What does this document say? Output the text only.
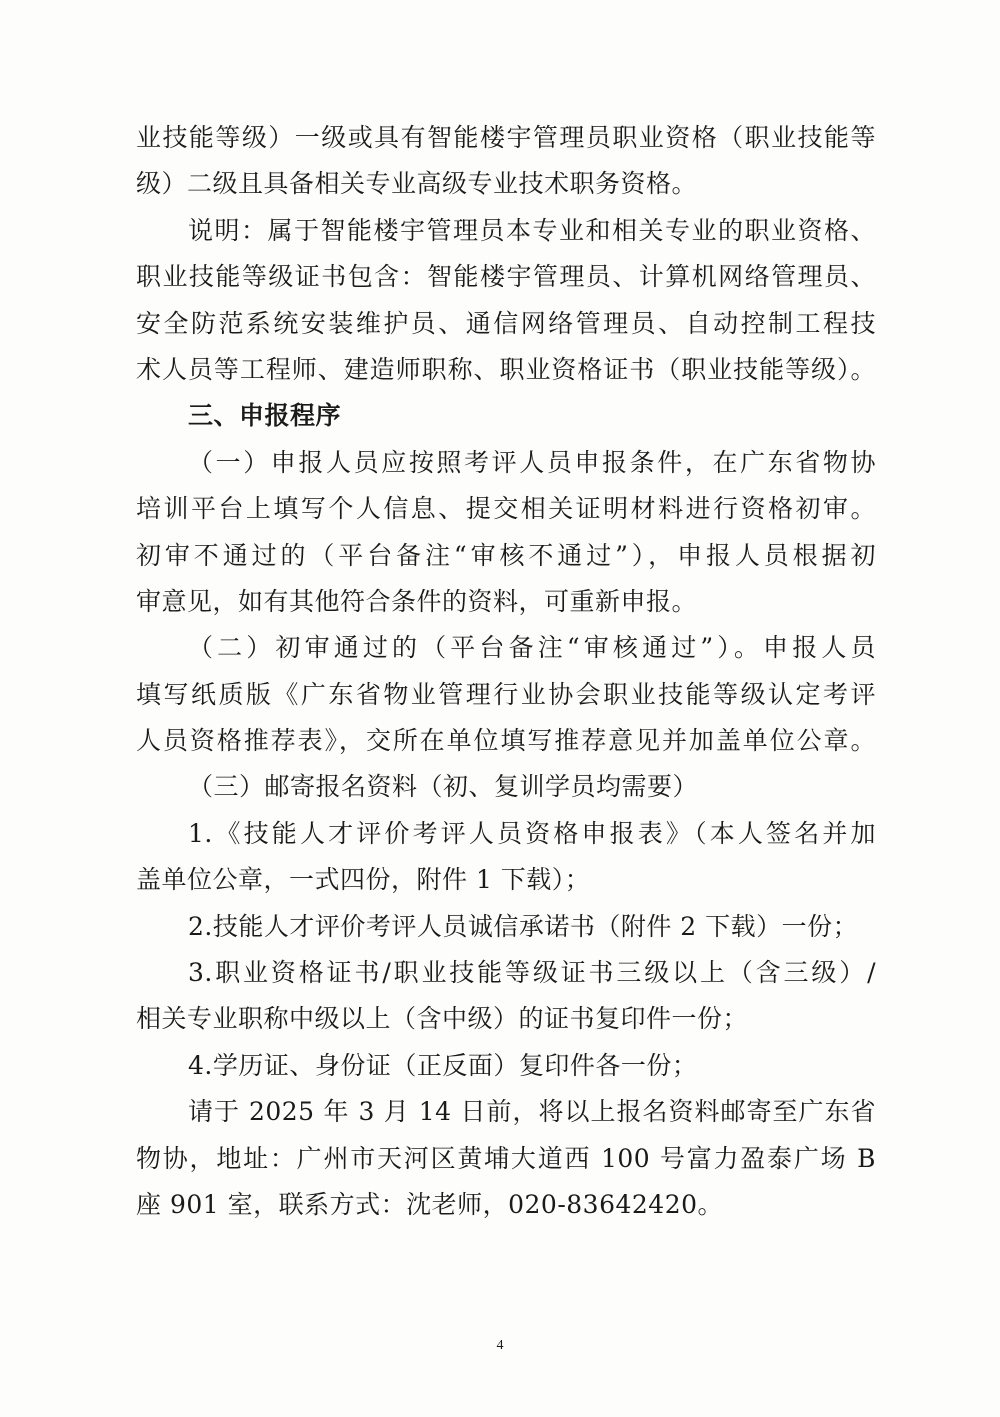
业技能等级）一级或具有智能楼宇管理员职业资格（职业技能等
级）二级且具备相关专业高级专业技术职务资格。
说明：属于智能楼宇管理员本专业和相关专业的职业资格、
职业技能等级证书包含：智能楼宇管理员、计算机网络管理员、
安全防范系统安装维护员、通信网络管理员、自动控制工程技
术人员等工程师、建造师职称、职业资格证书（职业技能等级）。
三、申报程序
（一）申报人员应按照考评人员申报条件，在广东省物协
培训平台上填写个人信息、提交相关证明材料进行资格初审。
初审不通过的（平台备注“审核不通过”），申报人员根据初
审意见，如有其他符合条件的资料，可重新申报。
（二）初审通过的（平台备注“审核通过”）。申报人员
填写纸质版《广东省物业管理行业协会职业技能等级认定考评
人员资格推荐表》，交所在单位填写推荐意见并加盖单位公章。
（三）邮寄报名资料（初、复训学员均需要）
1.《技能人才评价考评人员资格申报表》（本人签名并加
盖单位公章，一式四份，附件 1 下载）；
2.技能人才评价考评人员诚信承诺书（附件 2 下载）一份；
3.职业资格证书/职业技能等级证书三级以上（含三级）/
相关专业职称中级以上（含中级）的证书复印件一份；
4.学历证、身份证（正反面）复印件各一份；
请于 2025 年 3 月 14 日前，将以上报名资料邮寄至广东省
物协，地址：广州市天河区黄埔大道西 100 号富力盈泰广场 B
座 901 室，联系方式：沈老师，020-83642420。
4
